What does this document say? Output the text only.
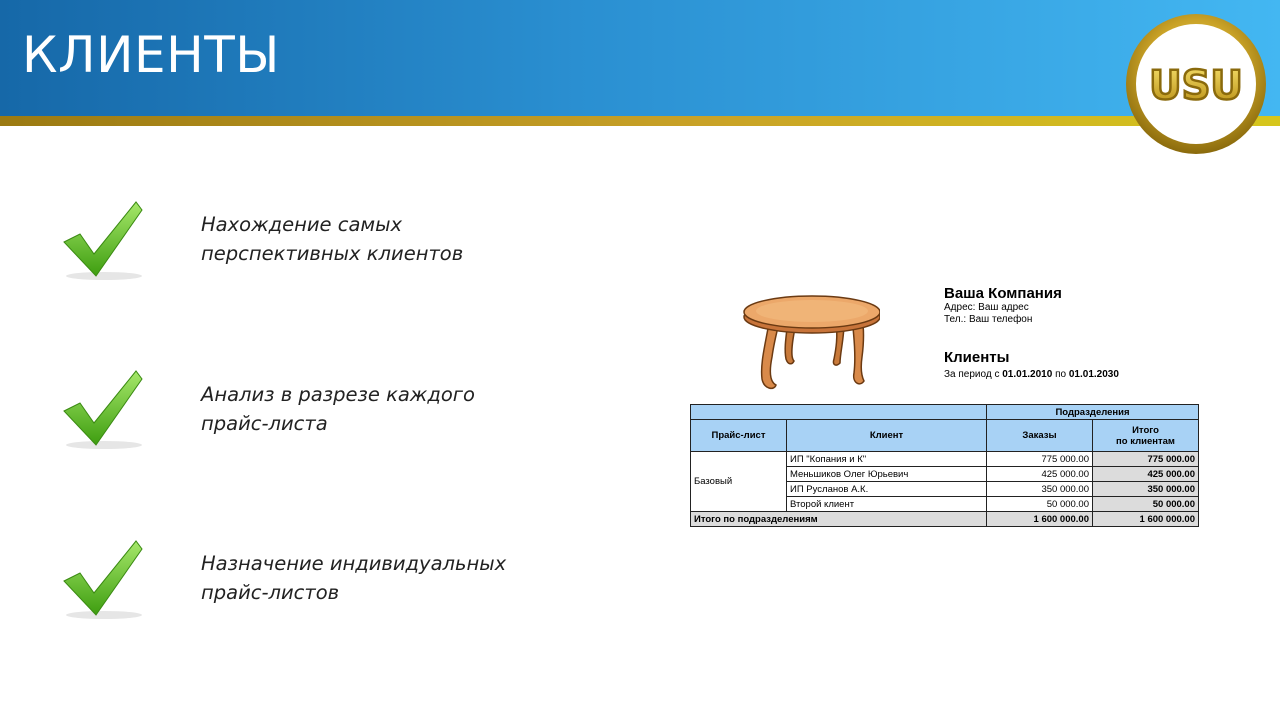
КЛИЕНТЫ
USU
Нахождение самых
перспективных клиентов
Анализ в разрезе каждого
прайс-листа
Назначение индивидуальных
прайс-листов
Ваша Компания
Адрес: Ваш адрес
Тел.: Ваш телефон
Клиенты
За период с 01.01.2010 по 01.01.2030
		Подразделения	
Прайс-лист	Клиент	Заказы	Итого
по клиентам
Базовый	ИП "Копания и К"	775 000.00	775 000.00
	Меньшиков Олег Юрьевич	425 000.00	425 000.00
	ИП Русланов А.К.	350 000.00	350 000.00
	Второй клиент	50 000.00	50 000.00
Итого по подразделениям		1 600 000.00	1 600 000.00
